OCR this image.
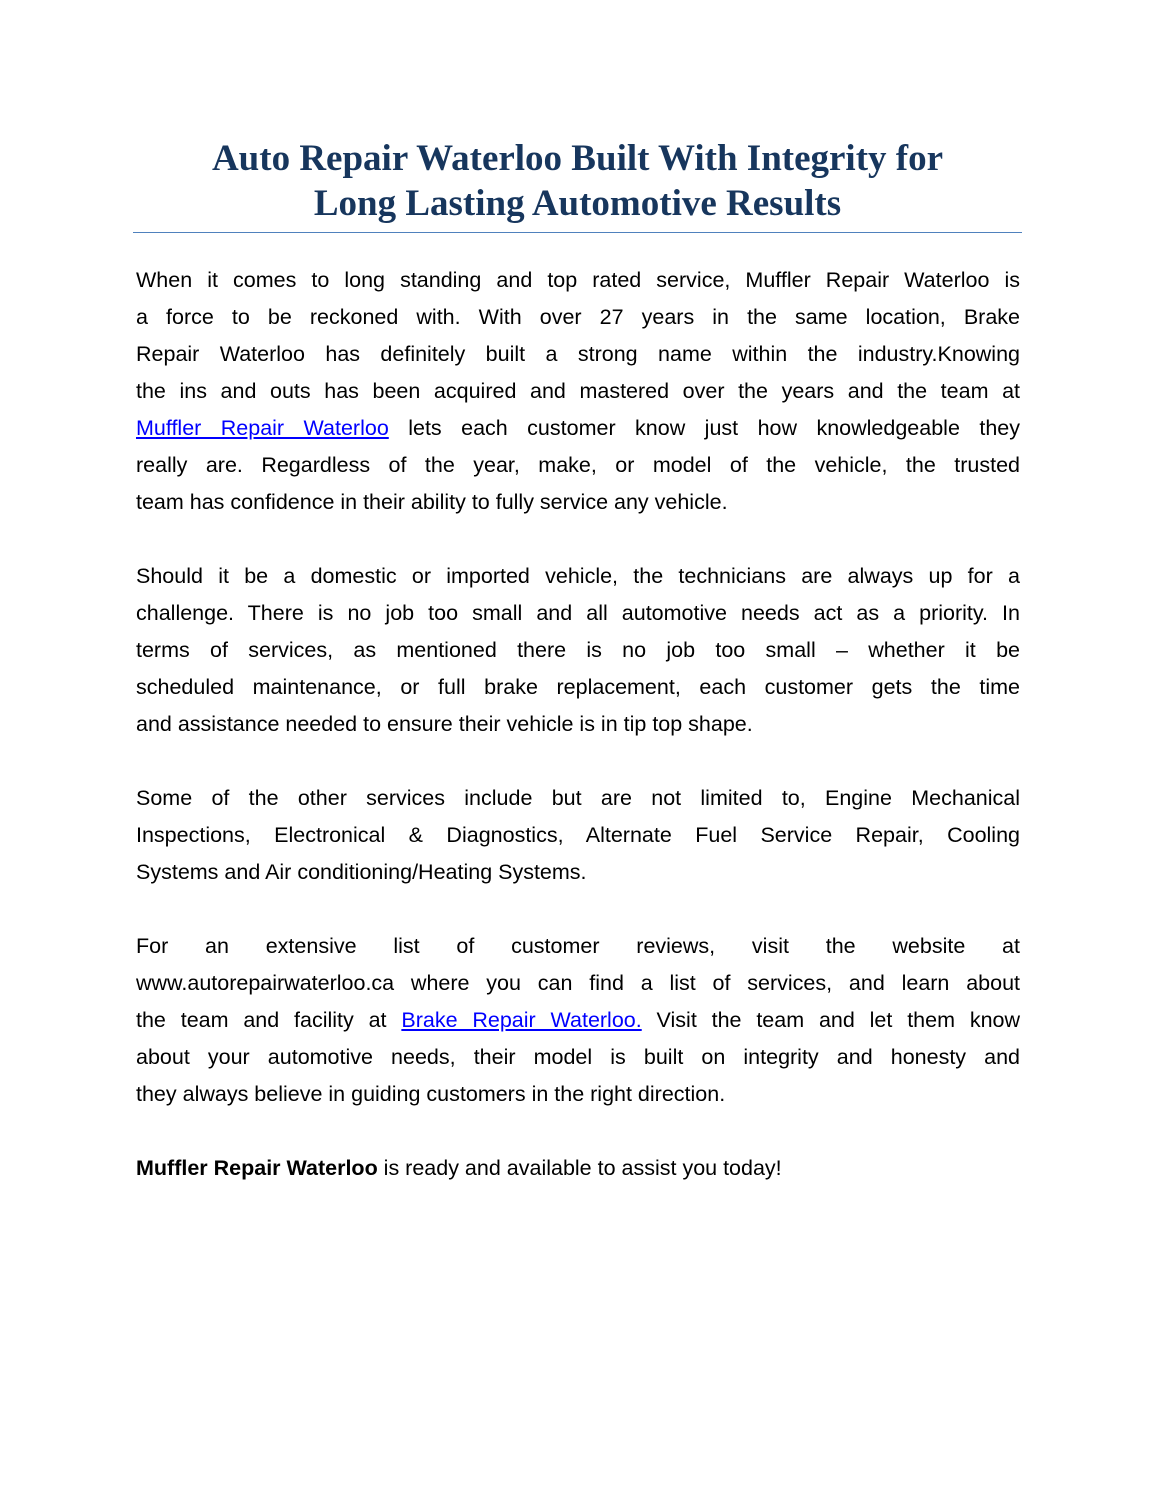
Auto Repair Waterloo Built With Integrity for
Long Lasting Automotive Results
When it comes to long standing and top rated service, Muffler Repair Waterloo is
a force to be reckoned with. With over 27 years in the same location, Brake
Repair Waterloo has definitely built a strong name within the industry.Knowing
the ins and outs has been acquired and mastered over the years and the team at
Muffler Repair Waterloo lets each customer know just how knowledgeable they
really are. Regardless of the year, make, or model of the vehicle, the trusted
team has confidence in their ability to fully service any vehicle.
Should it be a domestic or imported vehicle, the technicians are always up for a
challenge. There is no job too small and all automotive needs act as a priority. In
terms of services, as mentioned there is no job too small – whether it be
scheduled maintenance, or full brake replacement, each customer gets the time
and assistance needed to ensure their vehicle is in tip top shape.
Some of the other services include but are not limited to, Engine Mechanical
Inspections, Electronical & Diagnostics, Alternate Fuel Service Repair, Cooling
Systems and Air conditioning/Heating Systems.
For an extensive list of customer reviews, visit the website at
www.autorepairwaterloo.ca where you can find a list of services, and learn about
the team and facility at Brake Repair Waterloo. Visit the team and let them know
about your automotive needs, their model is built on integrity and honesty and
they always believe in guiding customers in the right direction.
Muffler Repair Waterloo is ready and available to assist you today!
